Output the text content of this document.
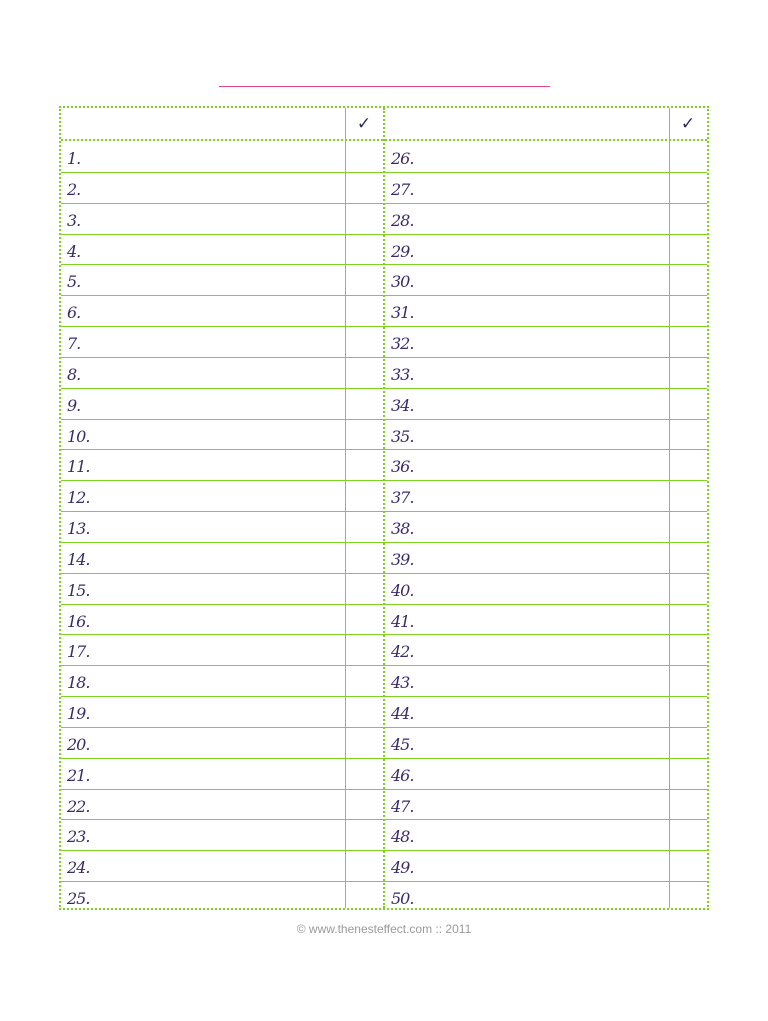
✓	✓
1.	26.
2.	27.
3.	28.
4.	29.
5.	30.
6.	31.
7.	32.
8.	33.
9.	34.
10.	35.
11.	36.
12.	37.
13.	38.
14.	39.
15.	40.
16.	41.
17.	42.
18.	43.
19.	44.
20.	45.
21.	46.
22.	47.
23.	48.
24.	49.
25.	50.
© www.thenesteffect.com :: 2011
